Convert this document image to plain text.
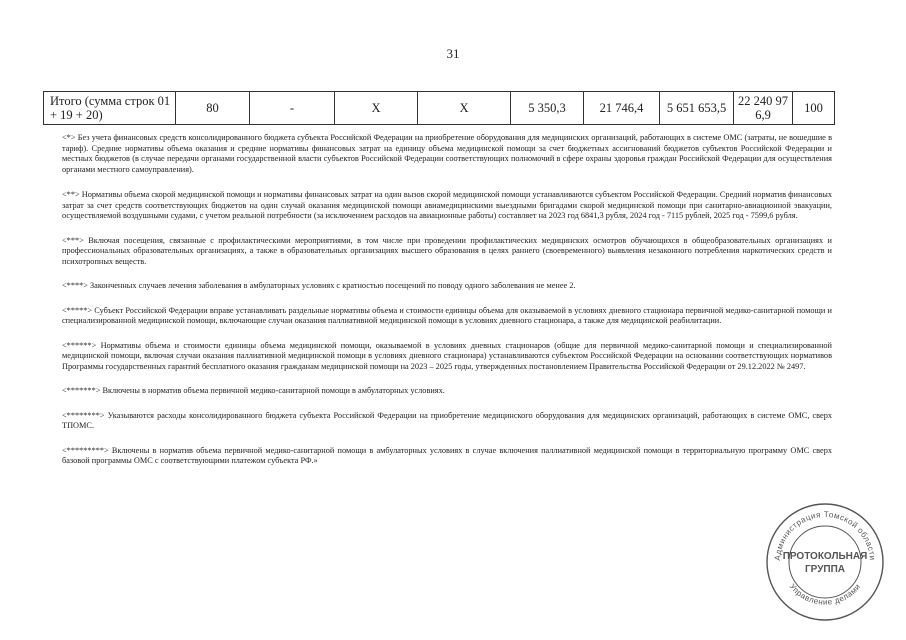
31
Итого (сумма строк 01 + 19 + 20)	80	-	Х	Х	5 350,3	21 746,4	5 651 653,5	22 240 97 6,9	100

<*> Без учета финансовых средств консолидированного бюджета субъекта Российской Федерации на приобретение оборудования для медицинских организаций, работающих в системе ОМС (затраты, не вошедшие в тариф). Средние нормативы объема оказания и средние нормативы финансовых затрат на единицу объема медицинской помощи за счет бюджетных ассигнований бюджетов субъектов Российской Федерации и местных бюджетов (в случае передачи органами государственной власти субъектов Российской Федерации соответствующих полномочий в сфере охраны здоровья граждан Российской Федерации для осуществления органами местного самоуправления).

<**> Нормативы объема скорой медицинской помощи и нормативы финансовых затрат на один вызов скорой медицинской помощи устанавливаются субъектом Российской Федерации. Средний норматив финансовых затрат за счет средств соответствующих бюджетов на один случай оказания медицинской помощи авиамедицинскими выездными бригадами скорой медицинской помощи при санитарно-авиационной эвакуации, осуществляемой воздушными судами, с учетом реальной потребности (за исключением расходов на авиационные работы) составляет на 2023 год 6841,3 рубля, 2024 год - 7115 рублей, 2025 год - 7599,6 рубля.

<***> Включая посещения, связанные с профилактическими мероприятиями, в том числе при проведении профилактических медицинских осмотров обучающихся в общеобразовательных организациях и профессиональных образовательных организациях, а также в образовательных организациях высшего образования в целях раннего (своевременного) выявления незаконного потребления наркотических средств и психотропных веществ.

<****> Законченных случаев лечения заболевания в амбулаторных условиях с кратностью посещений по поводу одного заболевания не менее 2.

<*****> Субъект Российской Федерации вправе устанавливать раздельные нормативы объема и стоимости единицы объема для оказываемой в условиях дневного стационара первичной медико-санитарной помощи и специализированной медицинской помощи, включающие случаи оказания паллиативной медицинской помощи в условиях дневного стационара, а также для медицинской реабилитации.

<******> Нормативы объема и стоимости единицы объема медицинской помощи, оказываемой в условиях дневных стационаров (общие для первичной медико-санитарной помощи и специализированной медицинской помощи, включая случаи оказания паллиативной медицинской помощи в условиях дневного стационара) устанавливаются субъектом Российской Федерации на основании соответствующих нормативов Программы государственных гарантий бесплатного оказания гражданам медицинской помощи на 2023 – 2025 годы, утвержденных постановлением Правительства Российской Федерации от 29.12.2022 № 2497.

<*******> Включены в норматив объема первичной медико-санитарной помощи в амбулаторных условиях.

<********> Указываются расходы консолидированного бюджета субъекта Российской Федерации на приобретение медицинского оборудования для медицинских организаций, работающих в системе ОМС, сверх ТПОМС.

<*********> Включены в норматив объема первичной медико-санитарной помощи в амбулаторных условиях в случае включения паллиативной медицинской помощи в территориальную программу ОМС сверх базовой программы ОМС с соответствующими платежом субъекта РФ.»

Администрация Томской области
Управление делами
ПРОТОКОЛЬНАЯ
ГРУППА
